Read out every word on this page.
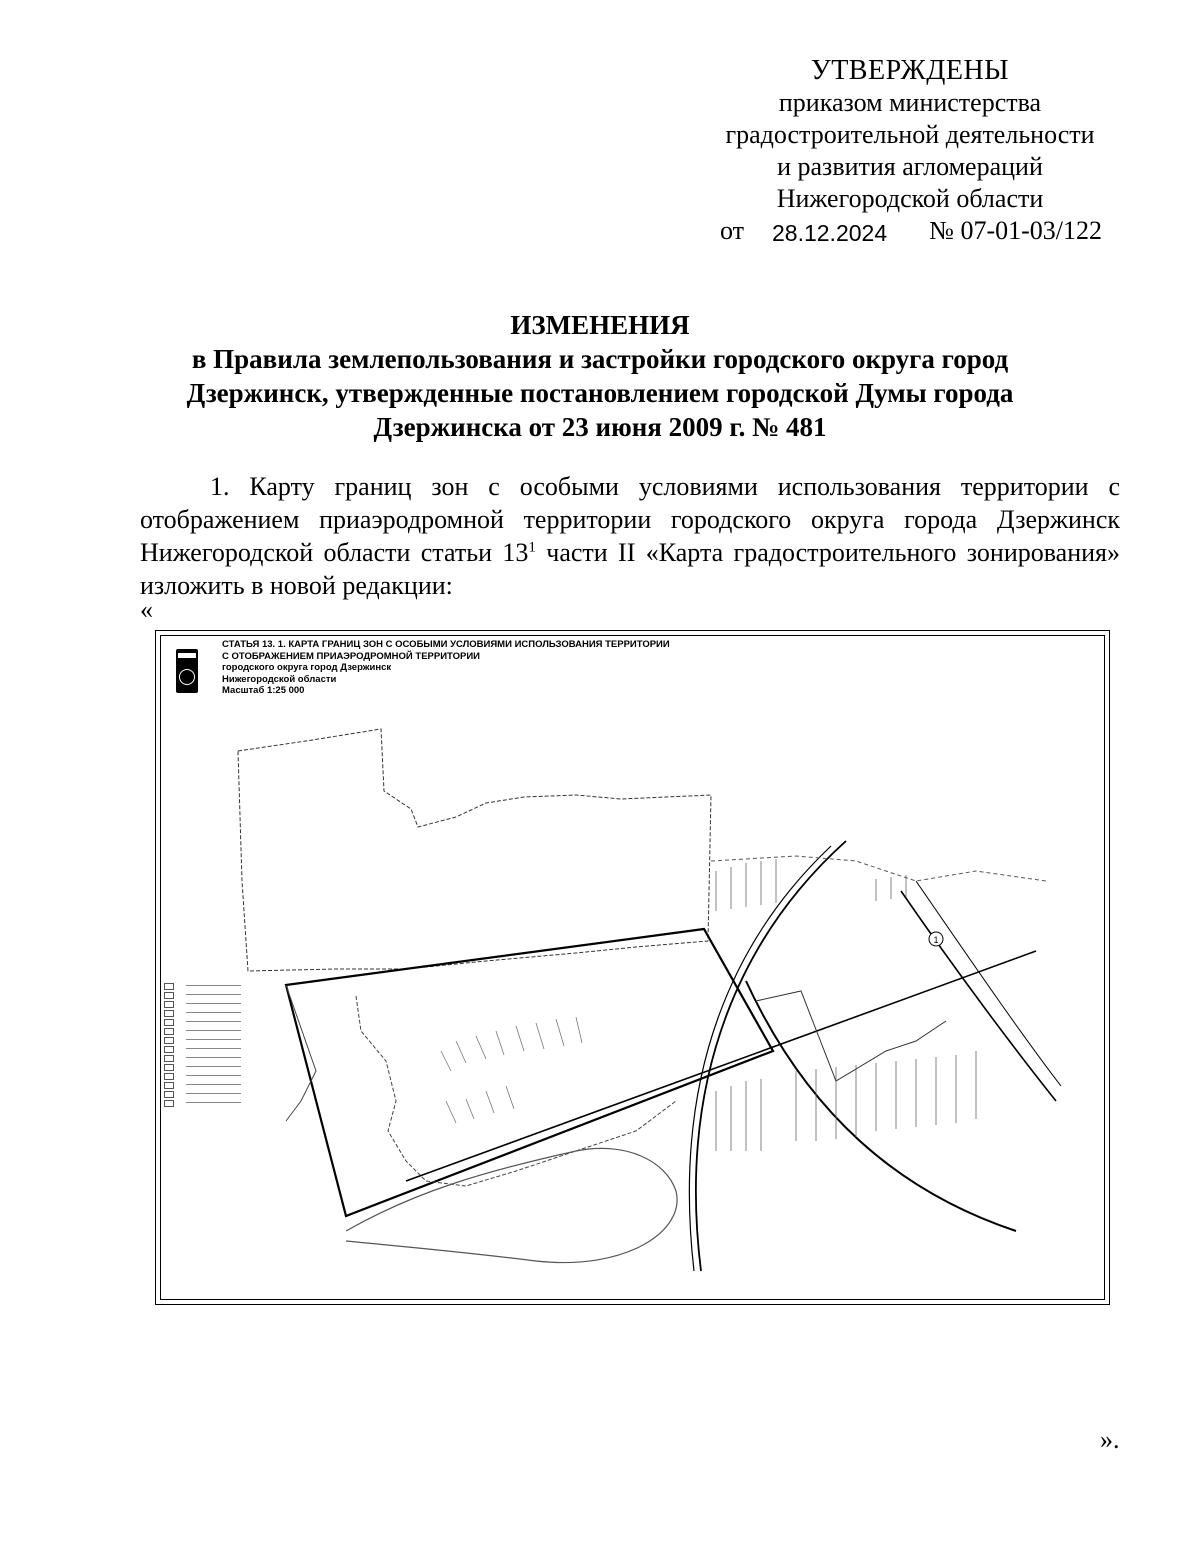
УТВЕРЖДЕНЫ
приказом министерства
градостроительной деятельности
и развития агломераций
Нижегородской области
от 28.12.2024 № 07-01-03/122
ИЗМЕНЕНИЯ
в Правила землепользования и застройки городского округа город Дзержинск, утвержденные постановлением городской Думы города Дзержинска от 23 июня 2009 г. № 481
1. Карту границ зон с особыми условиями использования территории с отображением приаэродромной территории городского округа города Дзержинск Нижегородской области статьи $13^1$ части II «Карта градостроительного зонирования» изложить в новой редакции:
«
1
СТАТЬЯ 13. 1. КАРТА ГРАНИЦ ЗОН С ОСОБЫМИ УСЛОВИЯМИ ИСПОЛЬЗОВАНИЯ ТЕРРИТОРИИ
С ОТОБРАЖЕНИЕМ ПРИАЭРОДРОМНОЙ ТЕРРИТОРИИ
городского округа город Дзержинск
Нижегородской области
Масштаб 1:25 000
».
